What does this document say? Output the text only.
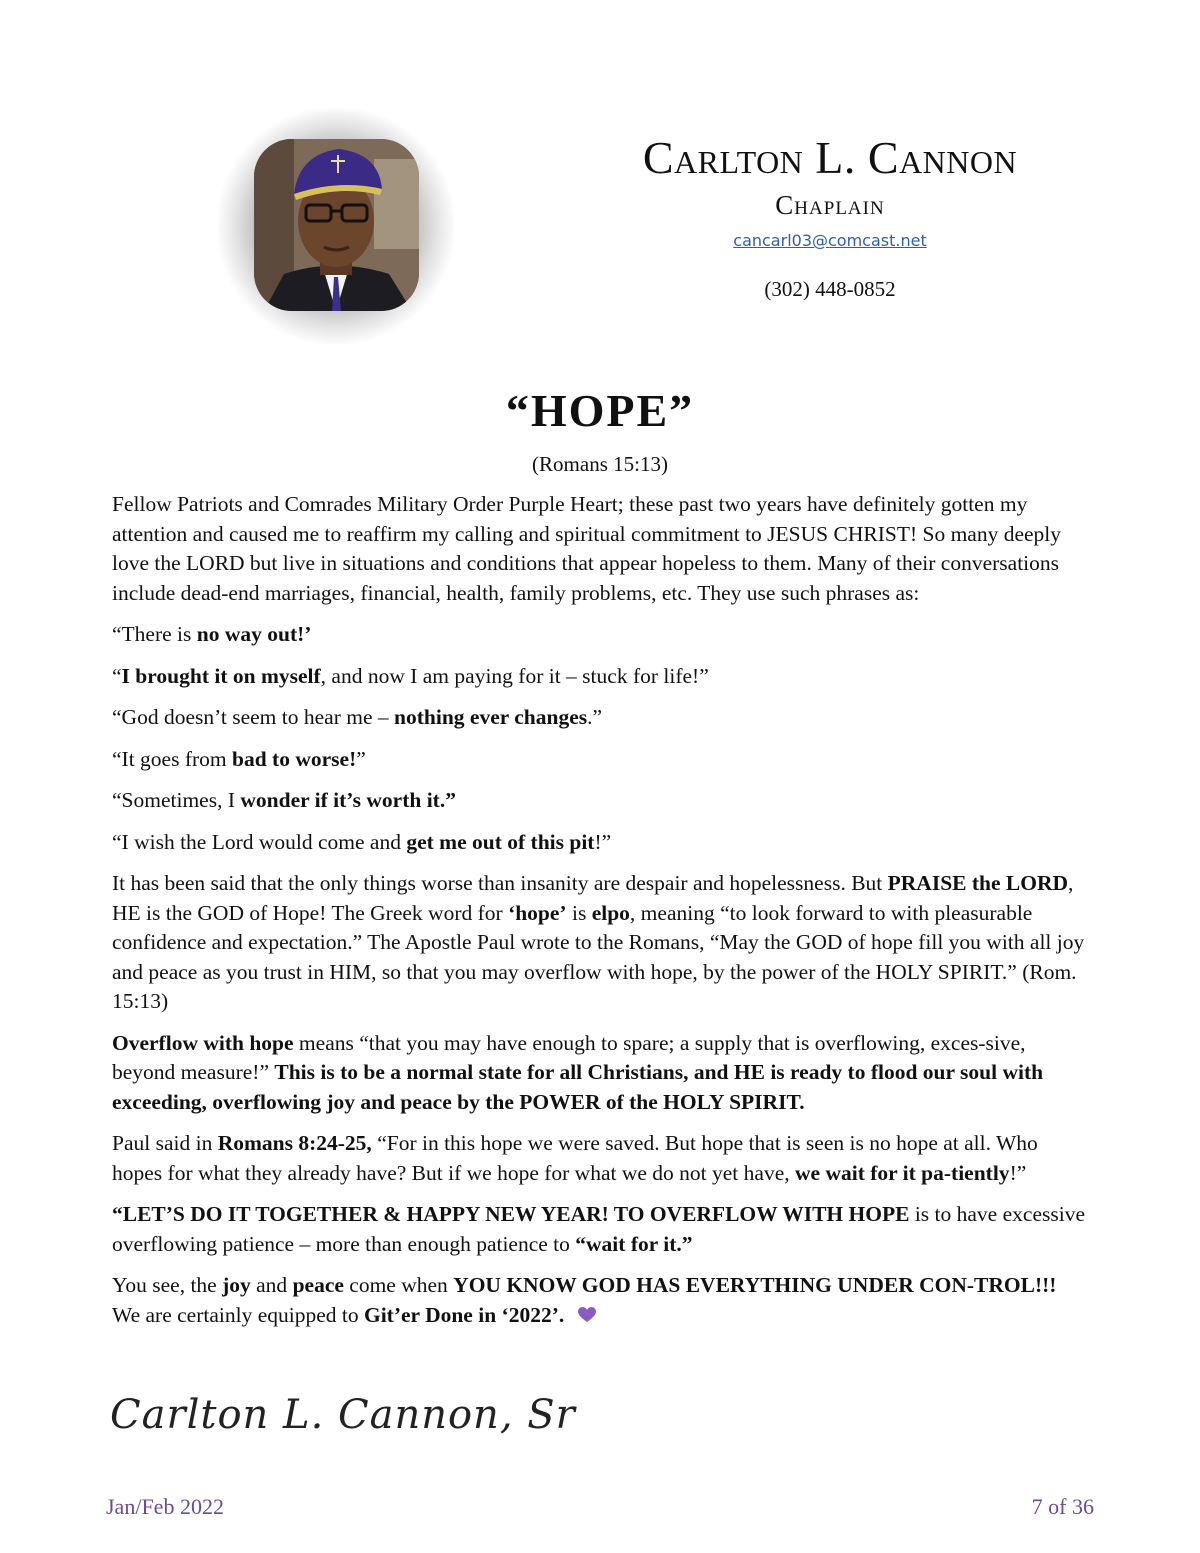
Carlton L. Cannon
Chaplain
cancarl03@comcast.net
(302) 448-0852
“HOPE”
(Romans 15:13)

Fellow Patriots and Comrades Military Order Purple Heart; these past two years have definitely gotten my attention and caused me to reaffirm my calling and spiritual commitment to JESUS CHRIST! So many deeply love the LORD but live in situations and conditions that appear hopeless to them. Many of their conversations include dead-end marriages, financial, health, family problems, etc. They use such phrases as:

“There is no way out!’

“I brought it on myself, and now I am paying for it – stuck for life!”

“God doesn’t seem to hear me – nothing ever changes.”

“It goes from bad to worse!”

“Sometimes, I wonder if it’s worth it.”

“I wish the Lord would come and get me out of this pit!”

It has been said that the only things worse than insanity are despair and hopelessness. But PRAISE the LORD, HE is the GOD of Hope! The Greek word for ‘hope’ is elpo, meaning “to look forward to with pleasurable confidence and expectation.” The Apostle Paul wrote to the Romans, “May the GOD of hope fill you with all joy and peace as you trust in HIM, so that you may overflow with hope, by the power of the HOLY SPIRIT.” (Rom. 15:13)

Overflow with hope means “that you may have enough to spare; a supply that is overflowing, exces-sive, beyond measure!” This is to be a normal state for all Christians, and HE is ready to flood our soul with exceeding, overflowing joy and peace by the POWER of the HOLY SPIRIT.

Paul said in Romans 8:24-25, “For in this hope we were saved. But hope that is seen is no hope at all. Who hopes for what they already have? But if we hope for what we do not yet have, we wait for it pa-tiently!”

“LET’S DO IT TOGETHER & HAPPY NEW YEAR! TO OVERFLOW WITH HOPE is to have excessive overflowing patience – more than enough patience to “wait for it.”

You see, the joy and peace come when YOU KNOW GOD HAS EVERYTHING UNDER CON-TROL!!! We are certainly equipped to Git’er Done in ‘2022’.

Carlton L. Cannon, Sr
Jan/Feb 2022	7 of 36
